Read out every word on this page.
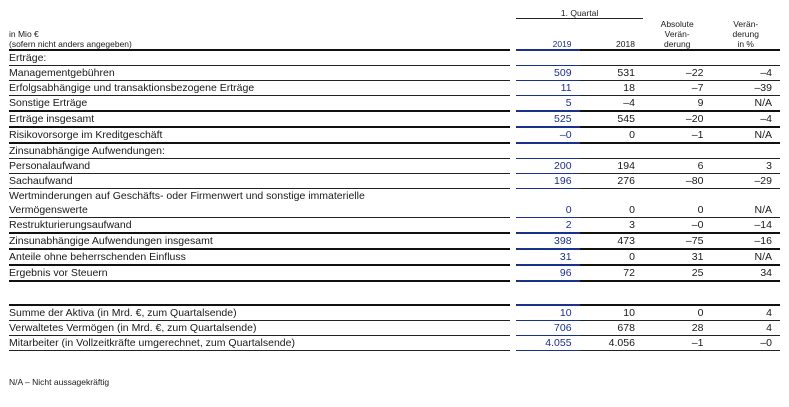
		1. Quartal			
				Absolute	Verän-
in Mio €				Verän-	derung
(sofern nicht anders angegeben)		2019	2018	derung	in %
Erträge:					
Managementgebühren		509	531	–22	–4
Erfolgsabhängige und transaktionsbezogene Erträge		11	18	–7	–39
Sonstige Erträge		5	–4	9	N/A
Erträge insgesamt		525	545	–20	–4
Risikovorsorge im Kreditgeschäft		–0	0	–1	N/A
Zinsunabhängige Aufwendungen:					
Personalaufwand		200	194	6	3
Sachaufwand		196	276	–80	–29
Wertminderungen auf Geschäfts- oder Firmenwert und sonstige immaterielle					
Vermögenswerte		0	0	0	N/A
Restrukturierungsaufwand		2	3	–0	–14
Zinsunabhängige Aufwendungen insgesamt		398	473	–75	–16
Anteile ohne beherrschenden Einfluss		31	0	31	N/A
Ergebnis vor Steuern		96	72	25	34

Summe der Aktiva (in Mrd. €, zum Quartalsende)		10	10	0	4
Verwaltetes Vermögen (in Mrd. €, zum Quartalsende)		706	678	28	4
Mitarbeiter (in Vollzeitkräfte umgerechnet, zum Quartalsende)		4.055	4.056	–1	–0
N/A – Nicht aussagekräftig
